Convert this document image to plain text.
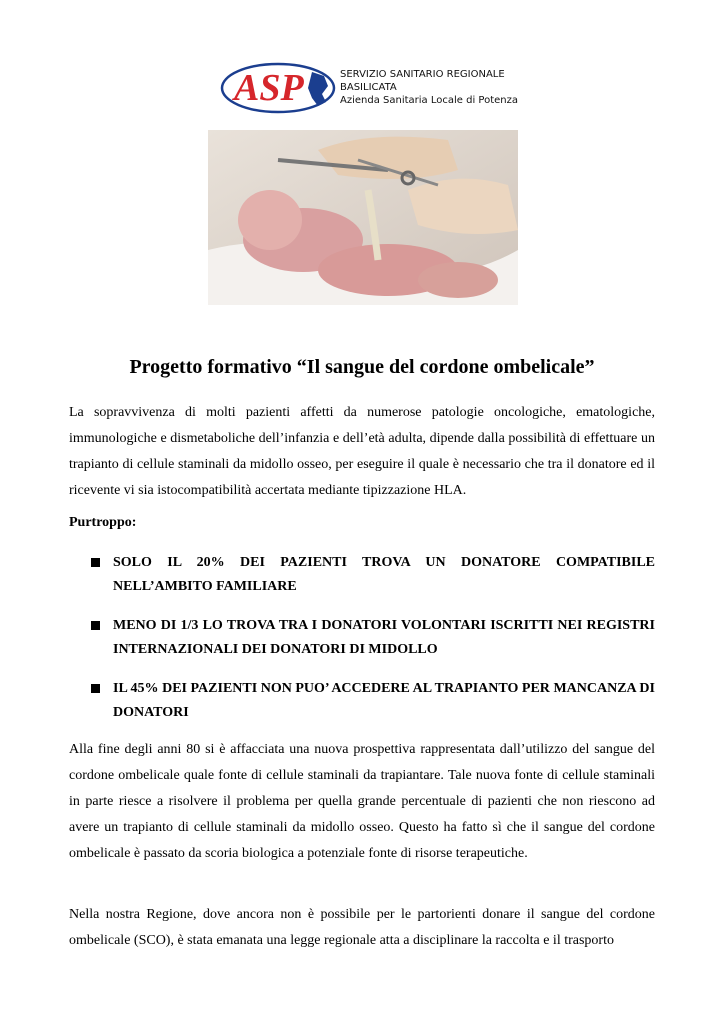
ASP	SERVIZIO SANITARIO REGIONALE
BASILICATA
Azienda Sanitaria Locale di Potenza
Progetto formativo “Il sangue del cordone ombelicale”

La sopravvivenza di molti pazienti affetti da numerose patologie oncologiche, ematologiche, immunologiche e dismetaboliche dell’infanzia e dell’età adulta, dipende dalla possibilità di effettuare un trapianto di cellule staminali da midollo osseo, per eseguire il quale è necessario che tra il donatore ed il ricevente vi sia istocompatibilità accertata mediante tipizzazione HLA.

Purtroppo:
SOLO IL 20% DEI PAZIENTI TROVA UN DONATORE COMPATIBILE NELL’AMBITO FAMILIARE
MENO DI 1/3 LO TROVA TRA I DONATORI VOLONTARI ISCRITTI NEI REGISTRI INTERNAZIONALI DEI DONATORI DI MIDOLLO
IL 45% DEI PAZIENTI NON PUO’ ACCEDERE AL TRAPIANTO PER MANCANZA DI DONATORI

Alla fine degli anni 80 si è affacciata una nuova prospettiva rappresentata dall’utilizzo del sangue del cordone ombelicale quale fonte di cellule staminali da trapiantare. Tale nuova fonte di cellule staminali in parte riesce a risolvere il problema per quella grande percentuale di pazienti che non riescono ad avere un trapianto di cellule staminali da midollo osseo. Questo ha fatto sì che il sangue del cordone ombelicale è passato da scoria biologica a potenziale fonte di risorse terapeutiche.

Nella nostra Regione, dove ancora non è possibile per le partorienti donare il sangue del cordone ombelicale (SCO), è stata emanata una legge regionale atta a disciplinare la raccolta e il trasporto
